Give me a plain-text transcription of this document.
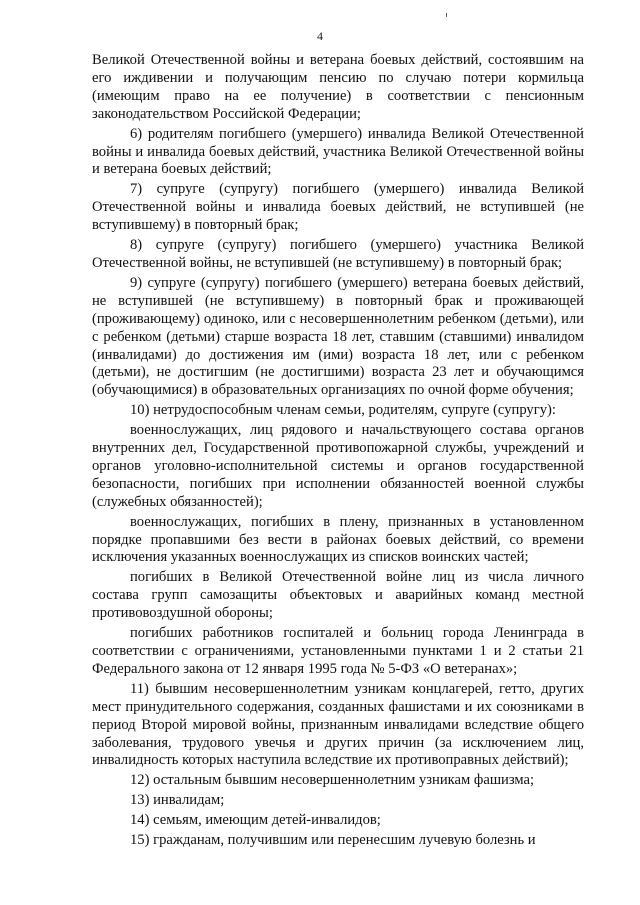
4

Великой Отечественной войны и ветерана боевых действий, состоявшим на его иждивении и получающим пенсию по случаю потери кормильца (имеющим право на ее получение) в соответствии с пенсионным законодательством Российской Федерации;

6) родителям погибшего (умершего) инвалида Великой Отечественной войны и инвалида боевых действий, участника Великой Отечественной войны и ветерана боевых действий;

7) супруге (супругу) погибшего (умершего) инвалида Великой Отечественной войны и инвалида боевых действий, не вступившей (не вступившему) в повторный брак;

8) супруге (супругу) погибшего (умершего) участника Великой Отечественной войны, не вступившей (не вступившему) в повторный брак;

9) супруге (супругу) погибшего (умершего) ветерана боевых действий, не вступившей (не вступившему) в повторный брак и проживающей (проживающему) одиноко, или с несовершеннолетним ребенком (детьми), или с ребенком (детьми) старше возраста 18 лет, ставшим (ставшими) инвалидом (инвалидами) до достижения им (ими) возраста 18 лет, или с ребенком (детьми), не достигшим (не достигшими) возраста 23 лет и обучающимся (обучающимися) в образовательных организациях по очной форме обучения;

10) нетрудоспособным членам семьи, родителям, супруге (супругу):

военнослужащих, лиц рядового и начальствующего состава органов внутренних дел, Государственной противопожарной службы, учреждений и органов уголовно-исполнительной системы и органов государственной безопасности, погибших при исполнении обязанностей военной службы (служебных обязанностей);

военнослужащих, погибших в плену, признанных в установленном порядке пропавшими без вести в районах боевых действий, со времени исключения указанных военнослужащих из списков воинских частей;

погибших в Великой Отечественной войне лиц из числа личного состава групп самозащиты объектовых и аварийных команд местной противовоздушной обороны;

погибших работников госпиталей и больниц города Ленинграда в соответствии с ограничениями, установленными пунктами 1 и 2 статьи 21 Федерального закона от 12 января 1995 года № 5-ФЗ «О ветеранах»;

11) бывшим несовершеннолетним узникам концлагерей, гетто, других мест принудительного содержания, созданных фашистами и их союзниками в период Второй мировой войны, признанным инвалидами вследствие общего заболевания, трудового увечья и других причин (за исключением лиц, инвалидность которых наступила вследствие их противоправных действий);

12) остальным бывшим несовершеннолетним узникам фашизма;

13) инвалидам;

14) семьям, имеющим детей-инвалидов;

15) гражданам, получившим или перенесшим лучевую болезнь и
